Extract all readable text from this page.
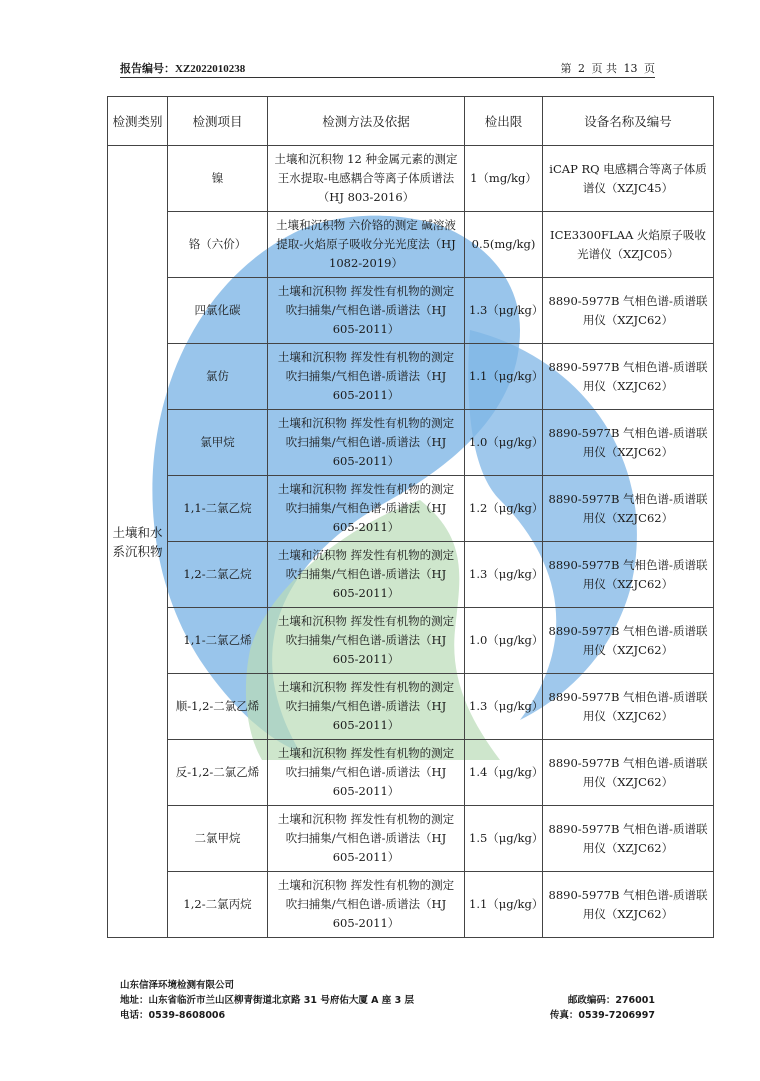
报告编号：XZ2022010238	第 2 页 共 13 页
检测类别	检测项目	检测方法及依据	检出限	设备名称及编号
土壤和水系沉积物	镍	土壤和沉积物 12 种金属元素的测定 王水提取-电感耦合等离子体质谱法（HJ 803-2016）	1（mg/kg）	iCAP RQ 电感耦合等离子体质谱仪（XZJC45）
	铬（六价）	土壤和沉积物 六价铬的测定 碱溶液提取-火焰原子吸收分光光度法（HJ 1082-2019）	0.5(mg/kg)	ICE3300FLAA 火焰原子吸收光谱仪（XZJC05）
	四氯化碳	土壤和沉积物 挥发性有机物的测定 吹扫捕集/气相色谱-质谱法（HJ 605-2011）	1.3（μg/kg）	8890-5977B 气相色谱-质谱联用仪（XZJC62）
	氯仿	土壤和沉积物 挥发性有机物的测定 吹扫捕集/气相色谱-质谱法（HJ 605-2011）	1.1（μg/kg）	8890-5977B 气相色谱-质谱联用仪（XZJC62）
	氯甲烷	土壤和沉积物 挥发性有机物的测定 吹扫捕集/气相色谱-质谱法（HJ 605-2011）	1.0（μg/kg）	8890-5977B 气相色谱-质谱联用仪（XZJC62）
	1,1-二氯乙烷	土壤和沉积物 挥发性有机物的测定 吹扫捕集/气相色谱-质谱法（HJ 605-2011）	1.2（μg/kg）	8890-5977B 气相色谱-质谱联用仪（XZJC62）
	1,2-二氯乙烷	土壤和沉积物 挥发性有机物的测定 吹扫捕集/气相色谱-质谱法（HJ 605-2011）	1.3（μg/kg）	8890-5977B 气相色谱-质谱联用仪（XZJC62）
	1,1-二氯乙烯	土壤和沉积物 挥发性有机物的测定 吹扫捕集/气相色谱-质谱法（HJ 605-2011）	1.0（μg/kg）	8890-5977B 气相色谱-质谱联用仪（XZJC62）
	顺-1,2-二氯乙烯	土壤和沉积物 挥发性有机物的测定 吹扫捕集/气相色谱-质谱法（HJ 605-2011）	1.3（μg/kg）	8890-5977B 气相色谱-质谱联用仪（XZJC62）
	反-1,2-二氯乙烯	土壤和沉积物 挥发性有机物的测定 吹扫捕集/气相色谱-质谱法（HJ 605-2011）	1.4（μg/kg）	8890-5977B 气相色谱-质谱联用仪（XZJC62）
	二氯甲烷	土壤和沉积物 挥发性有机物的测定 吹扫捕集/气相色谱-质谱法（HJ 605-2011）	1.5（μg/kg）	8890-5977B 气相色谱-质谱联用仪（XZJC62）
	1,2-二氯丙烷	土壤和沉积物 挥发性有机物的测定 吹扫捕集/气相色谱-质谱法（HJ 605-2011）	1.1（μg/kg）	8890-5977B 气相色谱-质谱联用仪（XZJC62）
山东信泽环境检测有限公司
地址：山东省临沂市兰山区柳青街道北京路 31 号府佑大厦 A 座 3 层	邮政编码：276001
电话：0539-8608006	传真：0539-7206997
